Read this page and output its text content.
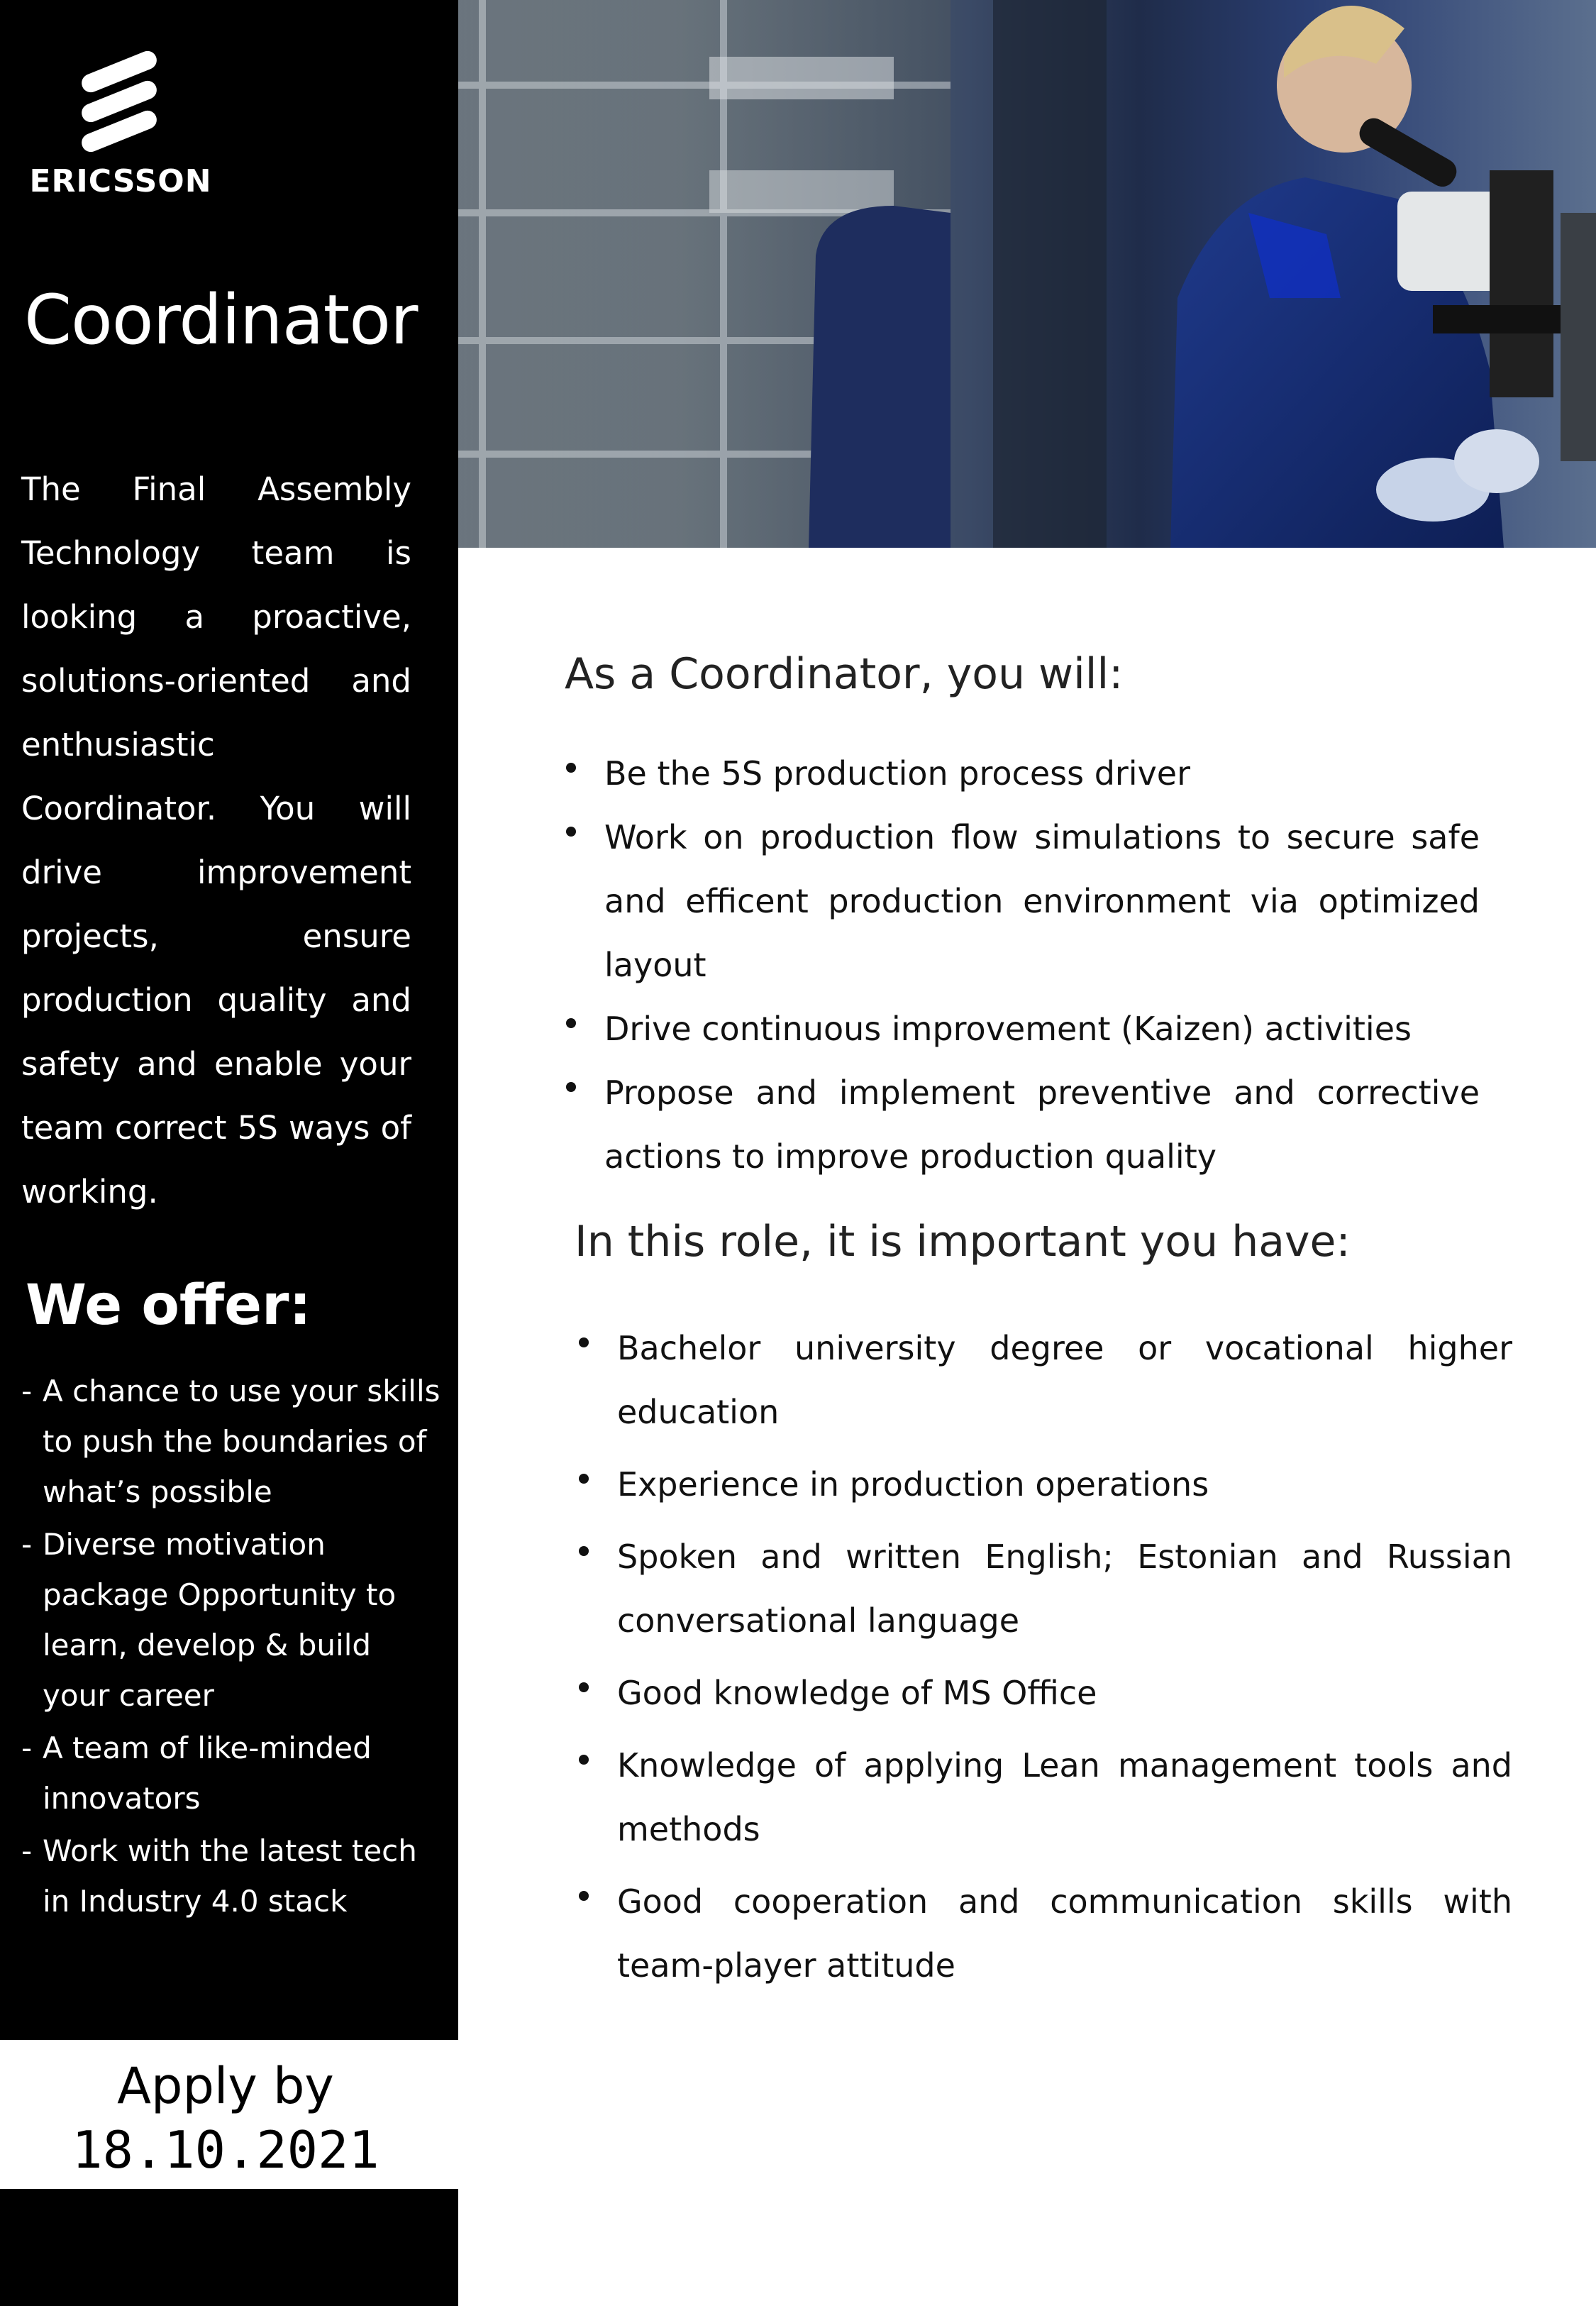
ERICSSON
Coordinator

The Final Assembly Technology team is looking a proactive, solutions-oriented and enthusiastic Coordinator. You will drive improvement projects, ensure production quality and safety and enable your team correct 5S ways of working.

We offer:
- A chance to use your skills to push the boundaries of what’s possible
- Diverse motivation package Opportunity to learn, develop & build your career
- A team of like-minded innovators
- Work with the latest tech in Industry 4.0 stack
Apply by
18.10.2021
As a Coordinator, you will:
Be the 5S production process driver
Work on production flow simulations to secure safe and efficent production environment via optimized layout
Drive continuous improvement (Kaizen) activities
Propose and implement preventive and corrective actions to improve production quality
In this role, it is important you have:
Bachelor university degree or vocational higher education
Experience in production operations
Spoken and written English; Estonian and Russian conversational language
Good knowledge of MS Office
Knowledge of applying Lean management tools and methods
Good cooperation and communication skills with team-player attitude
